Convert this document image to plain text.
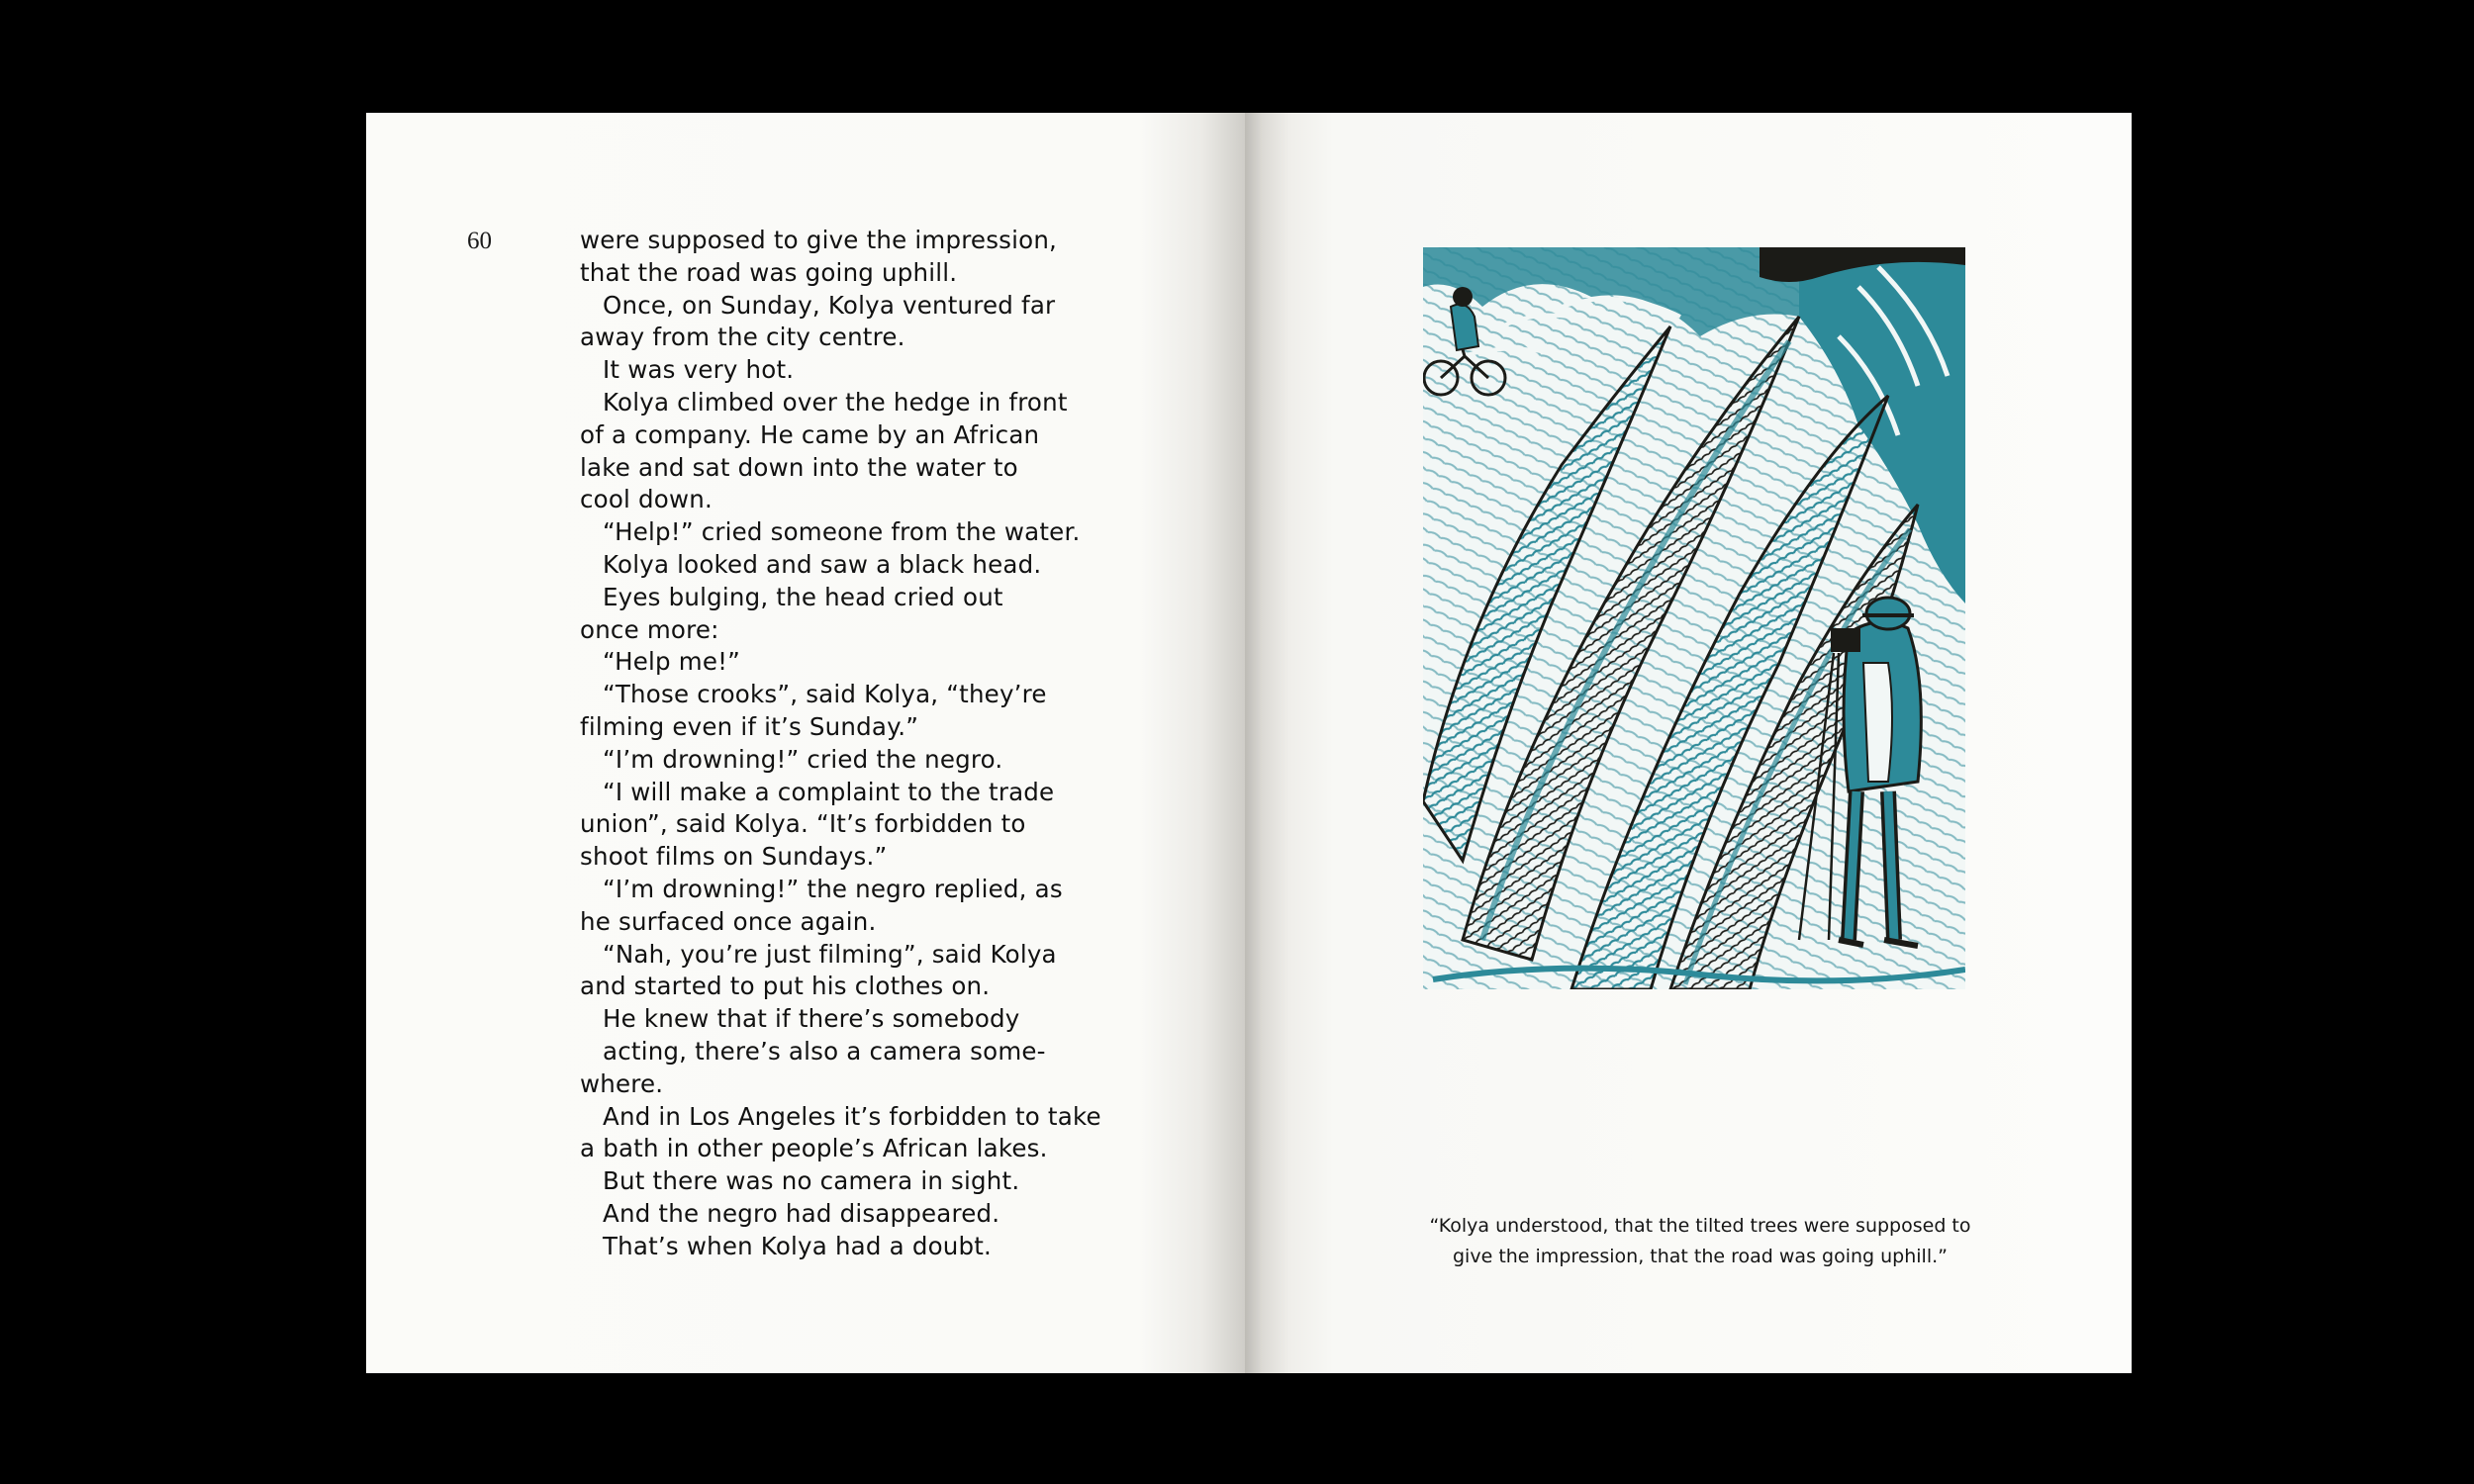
60	were supposed to give the impression,
that the road was going uphill.
Once, on Sunday, Kolya ventured far
away from the city centre.
It was very hot.
Kolya climbed over the hedge in front
of a company. He came by an African
lake and sat down into the water to
cool down.
“Help!” cried someone from the water.
Kolya looked and saw a black head.
Eyes bulging, the head cried out
once more:
“Help me!”
“Those crooks”, said Kolya, “they’re
filming even if it’s Sunday.”
“I’m drowning!” cried the negro.
“I will make a complaint to the trade
union”, said Kolya. “It’s forbidden to
shoot films on Sundays.”
“I’m drowning!” the negro replied, as
he surfaced once again.
“Nah, you’re just filming”, said Kolya
and started to put his clothes on.
He knew that if there’s somebody
acting, there’s also a camera some-
where.
And in Los Angeles it’s forbidden to take
a bath in other people’s African lakes.
But there was no camera in sight.
And the negro had disappeared.
That’s when Kolya had a doubt.
“Kolya understood, that the tilted trees were supposed to
give the impression, that the road was going uphill.”
